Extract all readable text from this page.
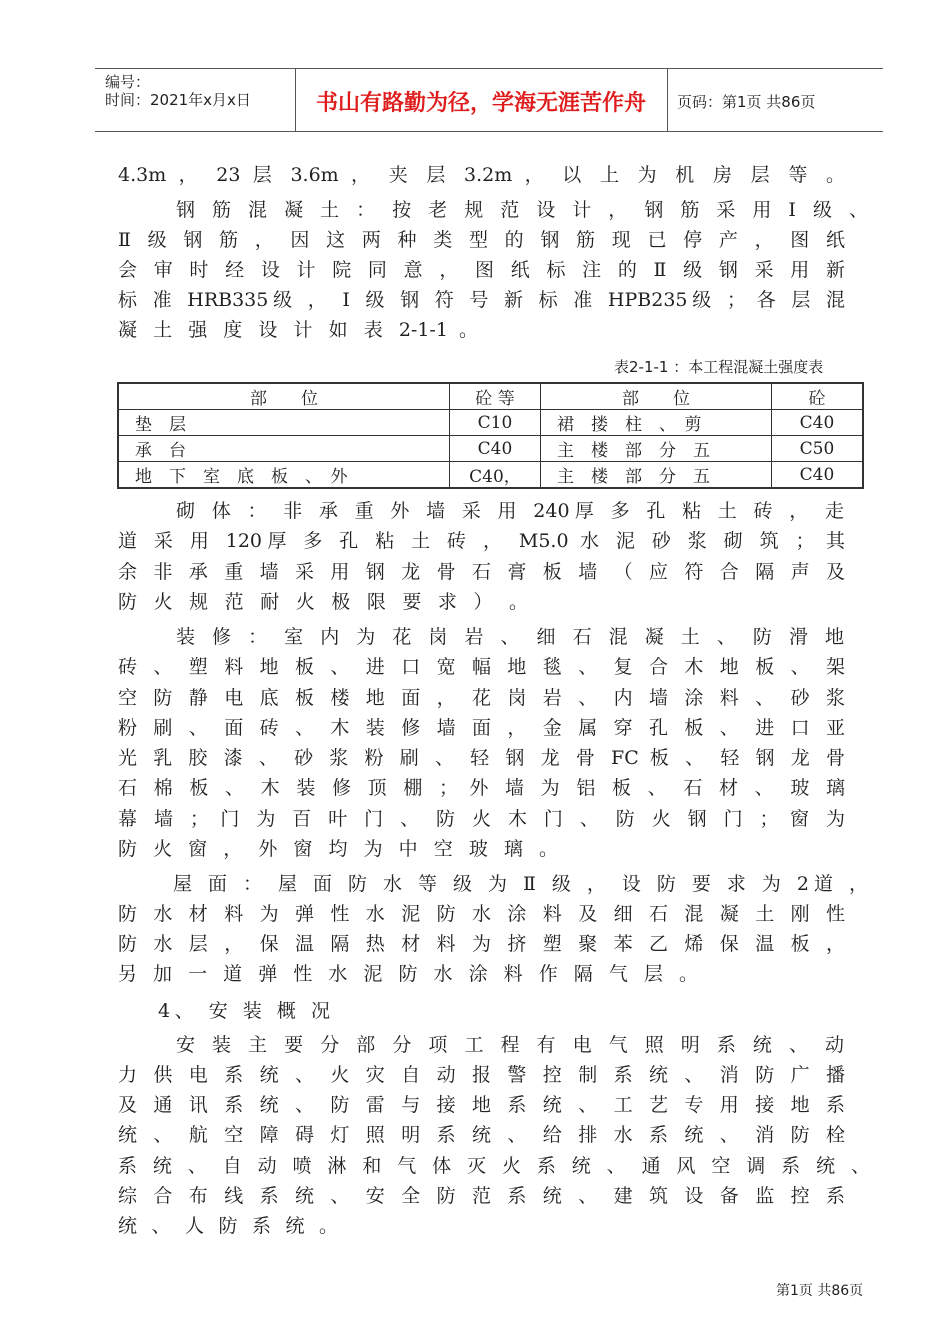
编号：
时间：2021年x月x日	书山有路勤为径，学海无涯苦作舟	页码：第1页 共86页
4.3m ， 23 层 3.6m ， 夹 层 3.2m ， 以 上 为 机 房 层 等 。
钢 筋 混 凝 土 ： 按 老 规 范 设 计 ， 钢 筋 采 用 Ⅰ 级 、
Ⅱ 级 钢 筋 ， 因 这 两 种 类 型 的 钢 筋 现 已 停 产 ， 图 纸
会 审 时 经 设 计 院 同 意 ， 图 纸 标 注 的 Ⅱ 级 钢 采 用 新
标 准 HRB335级 ， Ⅰ 级 钢 符 号 新 标 准 HPB235级 ； 各 层 混
凝 土 强 度 设 计 如 表 2-1-1 。
表2-1-1 ：本工程混凝土强度表
部　　位	砼 等	部　　位	砼
垫　层	C10	裙　搂　柱　、　剪	C40
承　台	C40	主　楼　部　分　五	C50
地　下　室　底　板　、　外	C40，	主　楼　部　分　五	C40
砌 体 ： 非 承 重 外 墙 采 用 240厚 多 孔 粘 土 砖 ， 走
道 采 用 120厚 多 孔 粘 土 砖 ， M5.0 水 泥 砂 浆 砌 筑 ； 其
余 非 承 重 墙 采 用 钢 龙 骨 石 膏 板 墙 （ 应 符 合 隔 声 及
防 火 规 范 耐 火 极 限 要 求 ） 。
装 修 ： 室 内 为 花 岗 岩 、 细 石 混 凝 土 、 防 滑 地
砖 、 塑 料 地 板 、 进 口 宽 幅 地 毯 、 复 合 木 地 板 、 架
空 防 静 电 底 板 楼 地 面 ， 花 岗 岩 、 内 墙 涂 料 、 砂 浆
粉 刷 、 面 砖 、 木 装 修 墙 面 ， 金 属 穿 孔 板 、 进 口 亚
光 乳 胶 漆 、 砂 浆 粉 刷 、 轻 钢 龙 骨 FC 板 、 轻 钢 龙 骨
石 棉 板 、 木 装 修 顶 棚 ； 外 墙 为 铝 板 、 石 材 、 玻 璃
幕 墙 ； 门 为 百 叶 门 、 防 火 木 门 、 防 火 钢 门 ； 窗 为
防 火 窗 ， 外 窗 均 为 中 空 玻 璃 。
屋 面 ： 屋 面 防 水 等 级 为 Ⅱ 级 ， 设 防 要 求 为 2道 ，
防 水 材 料 为 弹 性 水 泥 防 水 涂 料 及 细 石 混 凝 土 刚 性
防 水 层 ， 保 温 隔 热 材 料 为 挤 塑 聚 苯 乙 烯 保 温 板 ，
另 加 一 道 弹 性 水 泥 防 水 涂 料 作 隔 气 层 。
4、 安 装 概 况
安 装 主 要 分 部 分 项 工 程 有 电 气 照 明 系 统 、 动
力 供 电 系 统 、 火 灾 自 动 报 警 控 制 系 统 、 消 防 广 播
及 通 讯 系 统 、 防 雷 与 接 地 系 统 、 工 艺 专 用 接 地 系
统 、 航 空 障 碍 灯 照 明 系 统 、 给 排 水 系 统 、 消 防 栓
系 统 、 自 动 喷 淋 和 气 体 灭 火 系 统 、 通 风 空 调 系 统 、
综 合 布 线 系 统 、 安 全 防 范 系 统 、 建 筑 设 备 监 控 系
统 、 人 防 系 统 。
第1页 共86页
